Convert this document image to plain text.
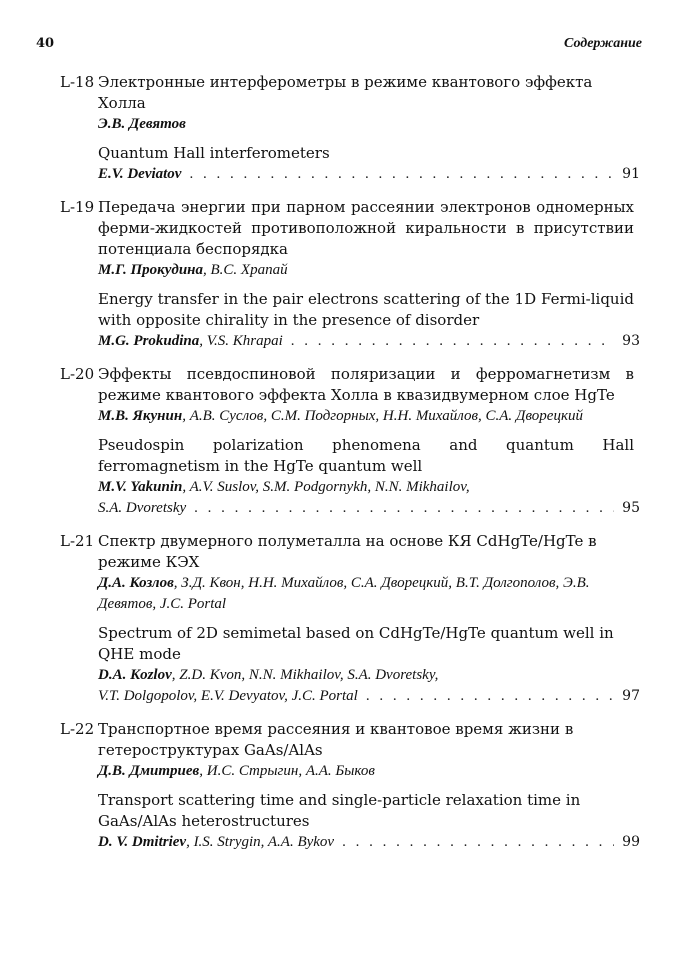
40	Содержание
L-18 Электронные интерферометры в режиме квантового эффекта Холла

Э.В. Девятов

Quantum Hall interferometers

E.V. Deviatov . . .	91
L-19 Передача энергии при парном рассеянии электронов одномерных ферми-жидкостей противоположной киральности в присутствии потенциала беспорядка

М.Г. Прокудина, В.С. Храпай

Energy transfer in the pair electrons scattering of the 1D Fermi-liquid with opposite chirality in the presence of disorder

M.G. Prokudina, V.S. Khrapai . . .	93
L-20 Эффекты псевдоспиновой поляризации и ферромагнетизм в режиме квантового эффекта Холла в квазидвумерном слое HgTe

М.В. Якунин, А.В. Суслов, С.М. Подгорных, Н.Н. Михайлов, С.А. Дворецкий

Pseudospin polarization phenomena and quantum Hall ferromagnetism in the HgTe quantum well

M.V. Yakunin, A.V. Suslov, S.M. Podgornykh, N.N. Mikhailov,

S.A. Dvoretsky . . .	95
L-21 Спектр двумерного полуметалла на основе КЯ CdHgTe/HgTe в режиме КЭХ

Д.А. Козлов, З.Д. Квон, Н.Н. Михайлов, С.А. Дворецкий, В.Т. Долгополов, Э.В. Девятов, J.C. Portal

Spectrum of 2D semimetal based on CdHgTe/HgTe quantum well in QHE mode

D.A. Kozlov, Z.D. Kvon, N.N. Mikhailov, S.A. Dvoretsky,

V.T. Dolgopolov, E.V. Devyatov, J.C. Portal . . .	97
L-22 Транспортное время рассеяния и квантовое время жизни в гетероструктурах GaAs/AlAs

Д.В. Дмитриев, И.С. Стрыгин, А.А. Быков

Transport scattering time and single-particle relaxation time in GaAs/AlAs heterostructures

D. V. Dmitriev, I.S. Strygin, A.A. Bykov . . .	99
